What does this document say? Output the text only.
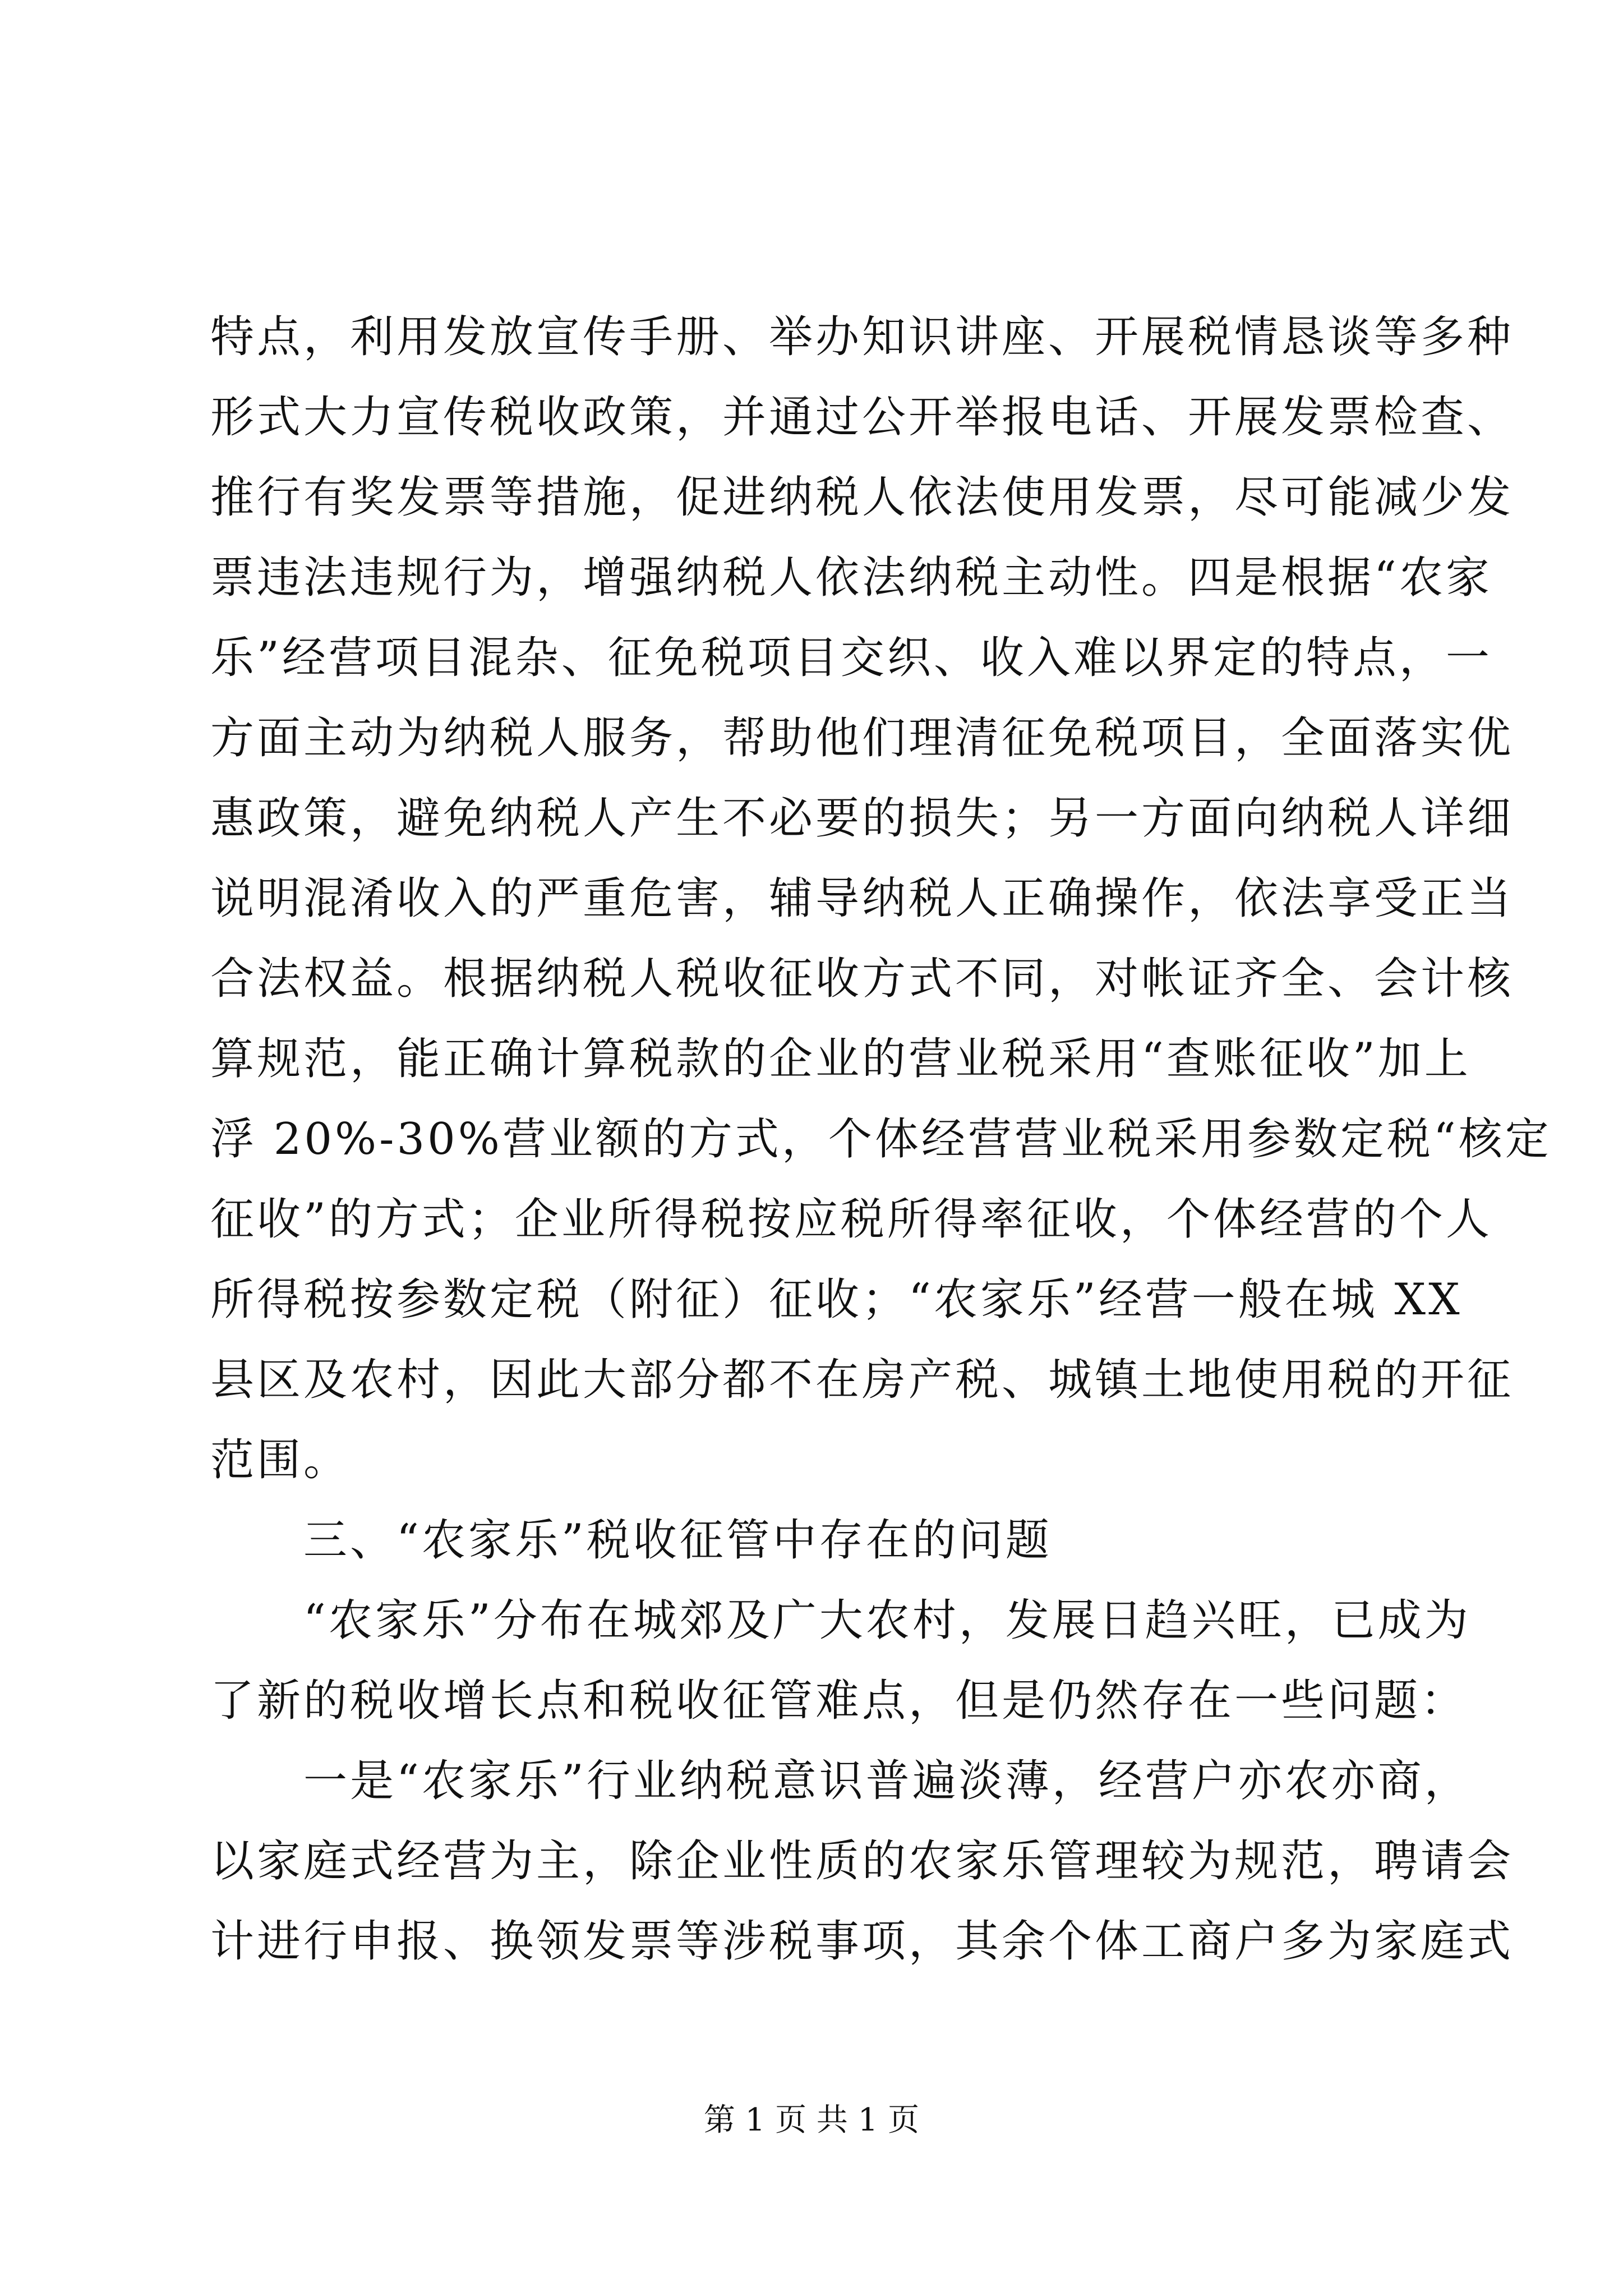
特点，利用发放宣传手册、举办知识讲座、开展税情恳谈等多种
形式大力宣传税收政策，并通过公开举报电话、开展发票检查、
推行有奖发票等措施，促进纳税人依法使用发票，尽可能减少发
票违法违规行为，增强纳税人依法纳税主动性。四是根据“农家
乐”经营项目混杂、征免税项目交织、收入难以界定的特点，一
方面主动为纳税人服务，帮助他们理清征免税项目，全面落实优
惠政策，避免纳税人产生不必要的损失；另一方面向纳税人详细
说明混淆收入的严重危害，辅导纳税人正确操作，依法享受正当
合法权益。根据纳税人税收征收方式不同，对帐证齐全、会计核
算规范，能正确计算税款的企业的营业税采用“查账征收”加上
浮 20%-30%营业额的方式，个体经营营业税采用参数定税“核定
征收”的方式；企业所得税按应税所得率征收，个体经营的个人
所得税按参数定税（附征）征收；“农家乐”经营一般在城 XX
县区及农村，因此大部分都不在房产税、城镇土地使用税的开征
范围。
　　三、“农家乐”税收征管中存在的问题
　　“农家乐”分布在城郊及广大农村，发展日趋兴旺，已成为
了新的税收增长点和税收征管难点，但是仍然存在一些问题：
　　一是“农家乐”行业纳税意识普遍淡薄，经营户亦农亦商，
以家庭式经营为主，除企业性质的农家乐管理较为规范，聘请会
计进行申报、换领发票等涉税事项，其余个体工商户多为家庭式
第 1 页 共 1 页
